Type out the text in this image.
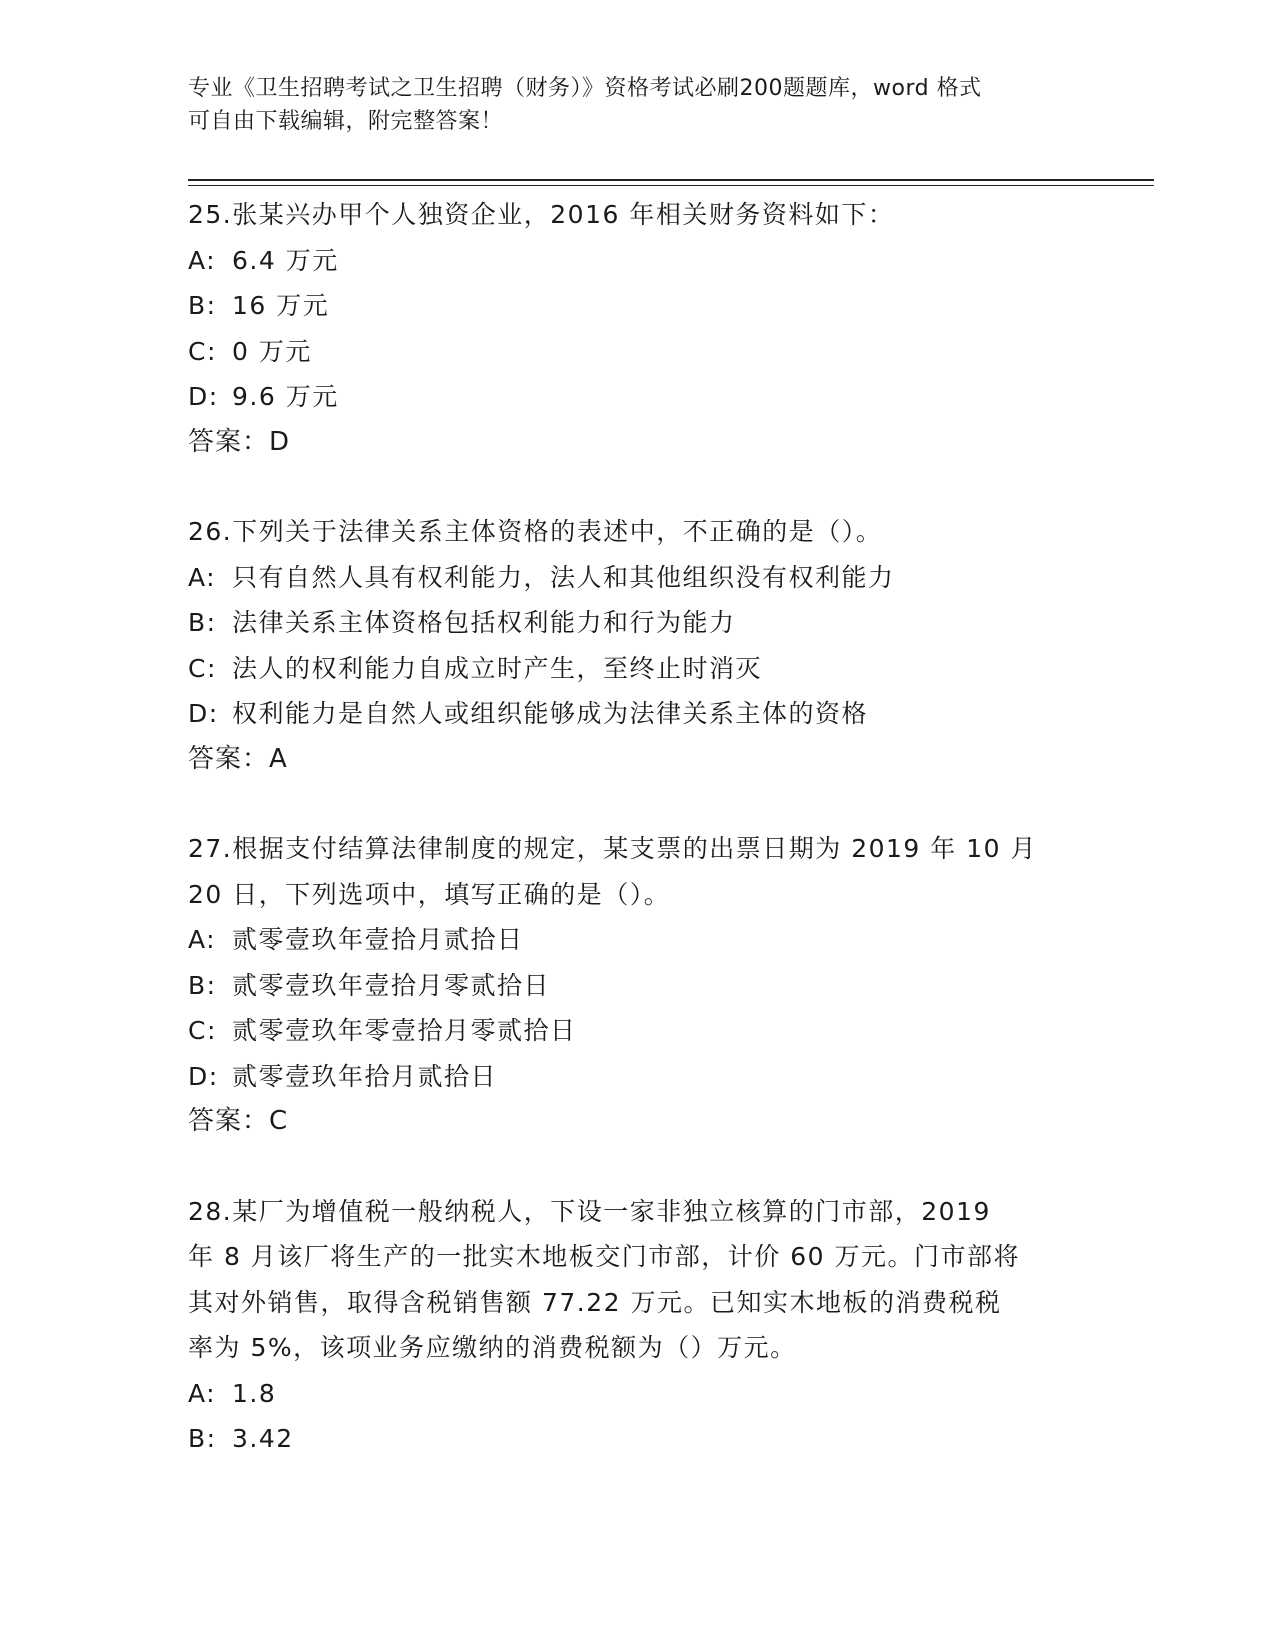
专业《卫生招聘考试之卫生招聘（财务）》资格考试必刷200题题库，word 格式
可自由下载编辑，附完整答案！
25.张某兴办甲个人独资企业，2016 年相关财务资料如下：
A: 6.4 万元
B: 16 万元
C: 0 万元
D: 9.6 万元
答案：D
26.下列关于法律关系主体资格的表述中，不正确的是（）。
A: 只有自然人具有权利能力，法人和其他组织没有权利能力
B: 法律关系主体资格包括权利能力和行为能力
C: 法人的权利能力自成立时产生，至终止时消灭
D: 权利能力是自然人或组织能够成为法律关系主体的资格
答案：A
27.根据支付结算法律制度的规定，某支票的出票日期为 2019 年 10 月
20 日，下列选项中，填写正确的是（）。
A: 贰零壹玖年壹拾月贰拾日
B: 贰零壹玖年壹拾月零贰拾日
C: 贰零壹玖年零壹拾月零贰拾日
D: 贰零壹玖年拾月贰拾日
答案：C
28.某厂为增值税一般纳税人，下设一家非独立核算的门市部，2019
年 8 月该厂将生产的一批实木地板交门市部，计价 60 万元。门市部将
其对外销售，取得含税销售额 77.22 万元。已知实木地板的消费税税
率为 5%，该项业务应缴纳的消费税额为（）万元。
A: 1.8
B: 3.42
